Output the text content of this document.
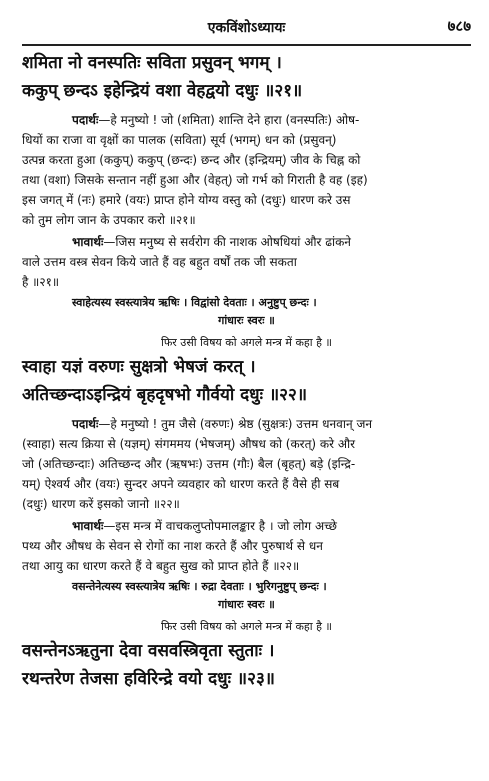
एकविंशोऽध्यायः	७८७
शमिता नो वनस्पतिः सविता प्रसुवन् भगम् ।
ककुप् छन्दऽ इहेन्द्रियं वशा वेहद्वयो दधुः ॥२१॥
पदार्थः—हे मनुष्यो ! जो (शमिता) शान्ति देने हारा (वनस्पतिः) ओष-
धियों का राजा वा वृक्षों का पालक (सविता) सूर्य (भगम्) धन को (प्रसुवन्)
उत्पन्न करता हुआ (ककुप्) ककुप् (छन्दः) छन्द और (इन्द्रियम्) जीव के चिह्न को
तथा (वशा) जिसके सन्तान नहीं हुआ और (वेहत्) जो गर्भ को गिराती है वह (इह)
इस जगत् में (नः) हमारे (वयः) प्राप्त होने योग्य वस्तु को (दधुः) धारण करे उस
को तुम लोग जान के उपकार करो ॥२१॥
भावार्थः—जिस मनुष्य से सर्वरोग की नाशक ओषधियां और ढांकने
वाले उत्तम वस्त्र सेवन किये जाते हैं वह बहुत वर्षों तक जी सकता
है ॥२१॥
स्वाहेत्यस्य स्वस्त्यात्रेय ऋषिः । विद्वांसो देवताः । अनुष्टुप् छन्दः ।
गांधारः स्वरः ॥
फिर उसी विषय को अगले मन्त्र में कहा है ॥
स्वाहा यज्ञं वरुणः सुक्षत्रो भेषजं करत् ।
अतिच्छन्दाऽइन्द्रियं बृहदृषभो गौर्वयो दधुः ॥२२॥
पदार्थः—हे मनुष्यो ! तुम जैसे (वरुणः) श्रेष्ठ (सुक्षत्रः) उत्तम धनवान् जन
(स्वाहा) सत्य क्रिया से (यज्ञम्) संगममय (भेषजम्) औषध को (करत्) करे और
जो (अतिच्छन्दाः) अतिच्छन्द और (ऋषभः) उत्तम (गौः) बैल (बृहत्) बड़े (इन्द्रि-
यम्) ऐश्वर्य और (वयः) सुन्दर अपने व्यवहार को धारण करते हैं वैसे ही सब
(दधुः) धारण करें इसको जानो ॥२२॥
भावार्थः—इस मन्त्र में वाचकलुप्तोपमालङ्कार है । जो लोग अच्छे
पथ्य और औषध के सेवन से रोगों का नाश करते हैं और पुरुषार्थ से धन
तथा आयु का धारण करते हैं वे बहुत सुख को प्राप्त होते हैं ॥२२॥
वसन्तेनेत्यस्य स्वस्त्यात्रेय ऋषिः । रुद्रा देवताः । भुरिगनुष्टुप् छन्दः ।
गांधारः स्वरः ॥
फिर उसी विषय को अगले मन्त्र में कहा है ॥
वसन्तेनऽऋतुना देवा वसवस्त्रिवृता स्तुताः ।
रथन्तरेण तेजसा हविरिन्द्रे वयो दधुः ॥२३॥
